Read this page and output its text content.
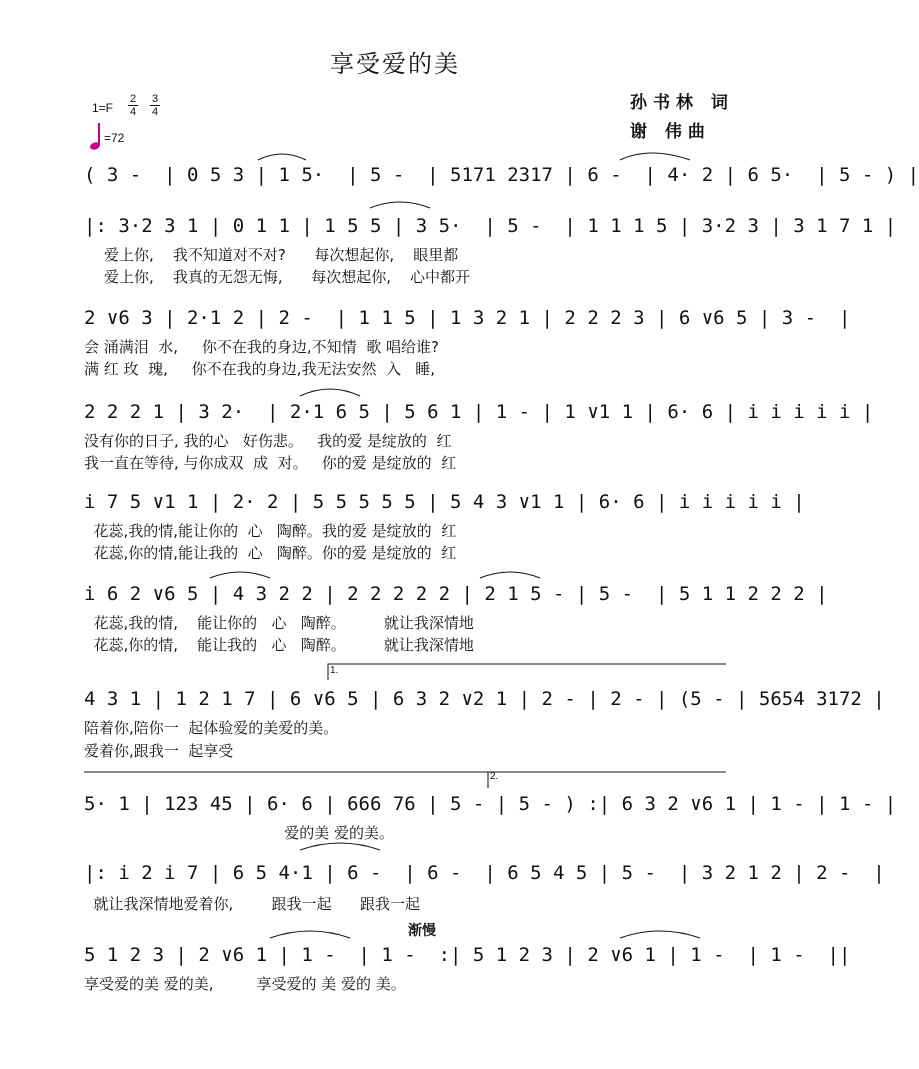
享受爱的美
孙书林 词
谢 伟曲
1=F
2
4
3
4
=72
( 3 -  | 0 5 3 | 1 5·  | 5 -  | 5171 2317 | 6 -  | 4· 2 | 6 5·  | 5 - ) |
|: 3·2 3 1 | 0 1 1 | 1 5 5 | 3 5·  | 5 -  | 1 1 1 5 | 3·2 3 | 3 1 7 1 |
爱上你,    我不知道对不对?      每次想起你,    眼里都
爱上你,    我真的无怨无悔,      每次想起你,    心中都开
2 ∨6 3 | 2·1 2 | 2 -  | 1 1 5 | 1 3 2 1 | 2 2 2 3 | 6 ∨6 5 | 3 -  |
会 涌满泪  水,     你不在我的身边,不知情  歌 唱给谁?
满 红 玫  瑰,     你不在我的身边,我无法安然  入   睡,
2 2 2 1 | 3 2·  | 2·1 6 5 | 5 6 1 | 1 - | 1 ∨1 1 | 6· 6 | i i i i i |
没有你的日子, 我的心   好伤悲。   我的爱 是绽放的  红
我一直在等待, 与你成双  成  对。   你的爱 是绽放的  红
i 7 5 ∨1 1 | 2· 2 | 5 5 5 5 5 | 5 4 3 ∨1 1 | 6· 6 | i i i i i |
花蕊,我的情,能让你的  心   陶醉。我的爱 是绽放的  红
花蕊,你的情,能让我的  心   陶醉。你的爱 是绽放的  红
i 6 2 ∨6 5 | 4 3 2 2 | 2 2 2 2 2 | 2 1 5 - | 5 -  | 5 1 1 2 2 2 |
花蕊,我的情,    能让你的   心   陶醉。        就让我深情地
花蕊,你的情,    能让我的   心   陶醉。        就让我深情地
1.
4 3 1 | 1 2 1 7 | 6 ∨6 5 | 6 3 2 ∨2 1 | 2 - | 2 - | (5 - | 5654 3172 |
陪着你,陪你一  起体验爱的美爱的美。
爱着你,跟我一  起享受
2.
5· 1 | 123 45 | 6· 6 | 666 76 | 5 - | 5 - ) :| 6 3 2 ∨6 1 | 1 - | 1 - |
爱的美 爱的美。
|: i 2 i 7 | 6 5 4·1 | 6 -  | 6 -  | 6 5 4 5 | 5 -  | 3 2 1 2 | 2 -  |
就让我深情地爱着你,        跟我一起      跟我一起
渐慢
5 1 2 3 | 2 ∨6 1 | 1 -  | 1 -  :| 5 1 2 3 | 2 ∨6 1 | 1 -  | 1 -  ||
享受爱的美 爱的美,         享受爱的 美 爱的 美。
